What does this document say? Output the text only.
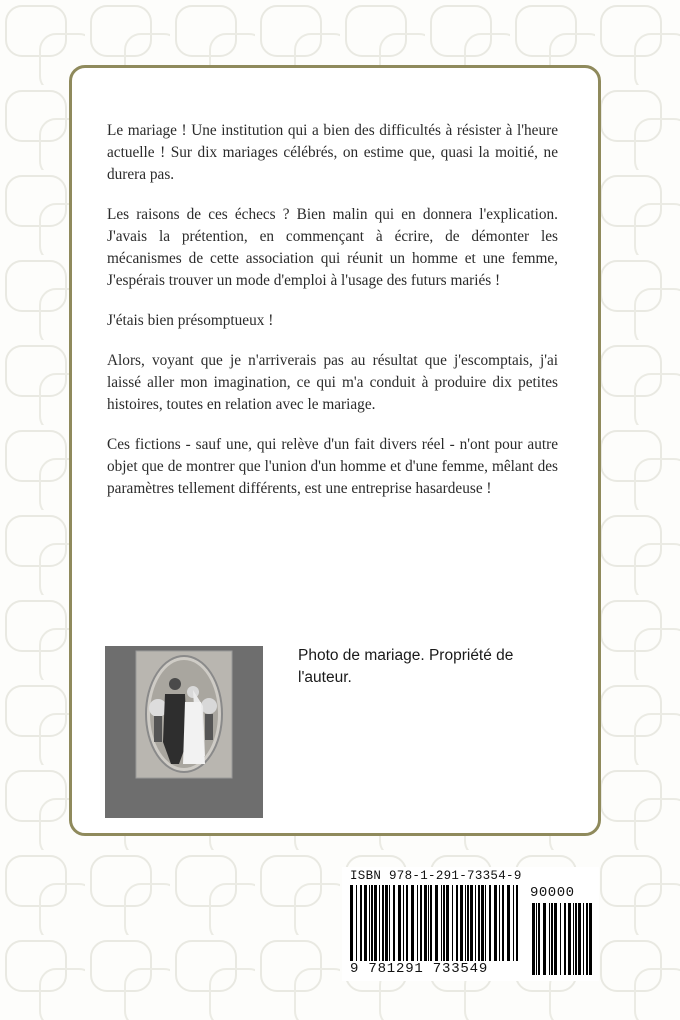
Le mariage ! Une institution qui a bien des difficultés à résister à l'heure actuelle ! Sur dix mariages célébrés, on estime que, quasi la moitié, ne durera pas.

Les raisons de ces échecs ? Bien malin qui en donnera l'explication. J'avais la prétention, en commençant à écrire, de démonter les mécanismes de cette association qui réunit un homme et une femme, J'espérais trouver un mode d'emploi à l'usage des futurs mariés !

J'étais bien présomptueux !

Alors, voyant que je n'arriverais pas au résultat que j'escomptais, j'ai laissé aller mon imagination, ce qui m'a conduit à produire dix petites histoires, toutes en relation avec le mariage.

Ces fictions - sauf une, qui relève d'un fait divers réel - n'ont pour autre objet que de montrer que l'union d'un homme et d'une femme, mêlant des paramètres tellement différents, est une entreprise hasardeuse !

Photo de mariage. Propriété de l'auteur.
ISBN 978-1-291-73354-9
90000
9 781291 733549
